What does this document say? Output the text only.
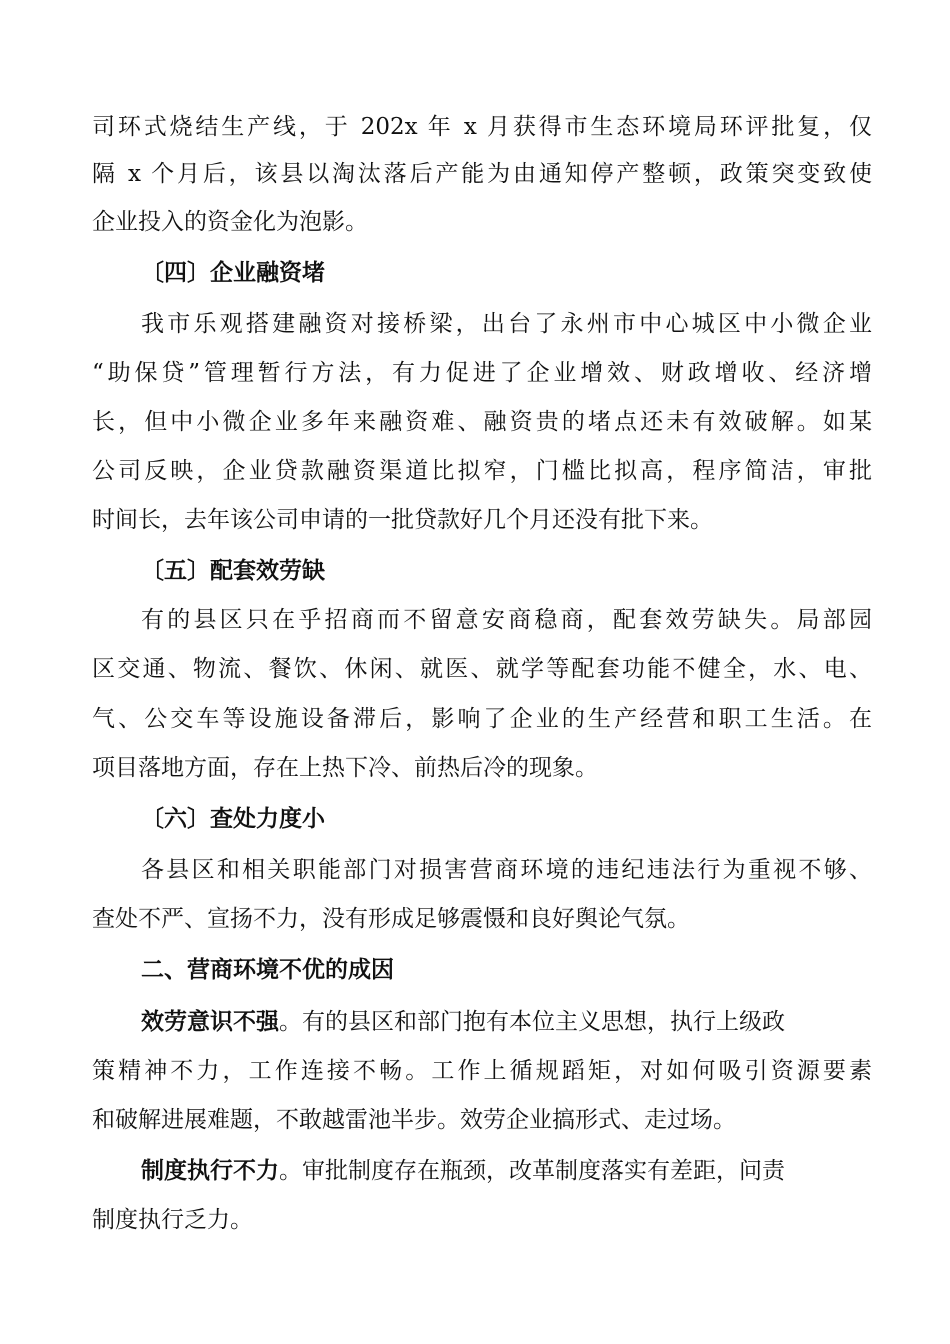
司环式烧结生产线，于 202x 年 x 月获得市生态环境局环评批复，仅
隔 x 个月后，该县以淘汰落后产能为由通知停产整顿，政策突变致使
企业投入的资金化为泡影。
〔四〕企业融资堵
我市乐观搭建融资对接桥梁，出台了永州市中心城区中小微企业
“助保贷”管理暂行方法，有力促进了企业增效、财政增收、经济增
长，但中小微企业多年来融资难、融资贵的堵点还未有效破解。如某
公司反映，企业贷款融资渠道比拟窄，门槛比拟高，程序简洁，审批
时间长，去年该公司申请的一批贷款好几个月还没有批下来。
〔五〕配套效劳缺
有的县区只在乎招商而不留意安商稳商，配套效劳缺失。局部园
区交通、物流、餐饮、休闲、就医、就学等配套功能不健全，水、电、
气、公交车等设施设备滞后，影响了企业的生产经营和职工生活。在
项目落地方面，存在上热下冷、前热后冷的现象。
〔六〕查处力度小
各县区和相关职能部门对损害营商环境的违纪违法行为重视不够、
查处不严、宣扬不力，没有形成足够震慑和良好舆论气氛。
二、营商环境不优的成因
效劳意识不强。有的县区和部门抱有本位主义思想，执行上级政
策精神不力，工作连接不畅。工作上循规蹈矩，对如何吸引资源要素
和破解进展难题，不敢越雷池半步。效劳企业搞形式、走过场。
制度执行不力。审批制度存在瓶颈，改革制度落实有差距，问责
制度执行乏力。
